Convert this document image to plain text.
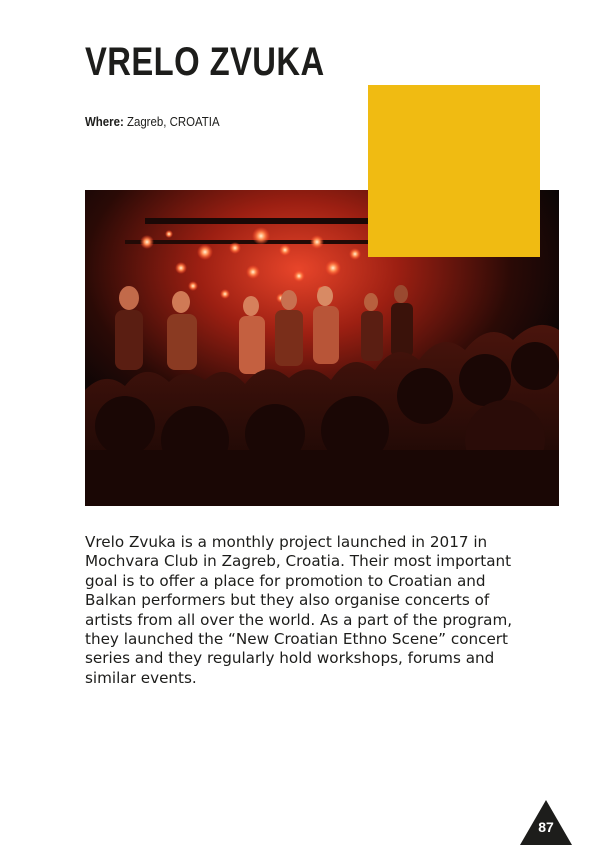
VRELO ZVUKA
Where: Zagreb, CROATIA

Vrelo Zvuka is a monthly project launched in 2017 in
Mochvara Club in Zagreb, Croatia. Their most important
goal is to offer a place for promotion to Croatian and
Balkan performers but they also organise concerts of
artists from all over the world. As a part of the program,
they launched the “New Croatian Ethno Scene” concert
series and they regularly hold workshops, forums and
similar events.

87
